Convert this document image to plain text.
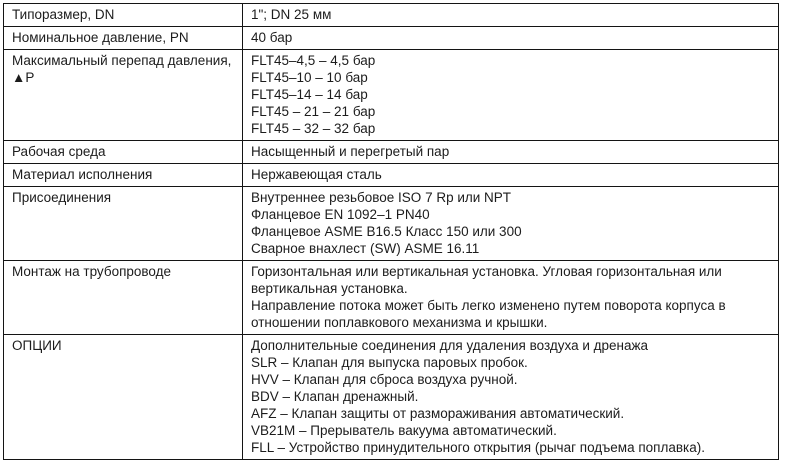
Типоразмер, DN	1"; DN 25 мм

Номинальное давление, PN	40 бар

Максимальный перепад давления, ▲P	FLT45–4,5 – 4,5 бар
FLT45–10 – 10 бар
FLT45–14 – 14 бар
FLT45 – 21 – 21 бар
FLT45 – 32 – 32 бар

Рабочая среда	Насыщенный и перегретый пар

Материал исполнения	Нержавеющая сталь

Присоединения	Внутреннее резьбовое ISO 7 Rp или NPT
Фланцевое EN 1092–1 PN40
Фланцевое ASME B16.5 Класс 150 или 300
Сварное внахлест (SW) ASME 16.11

Монтаж на трубопроводе	Горизонтальная или вертикальная установка. Угловая горизонтальная или
вертикальная установка.
Направление потока может быть легко изменено путем поворота корпуса в
отношении поплавкового механизма и крышки.

ОПЦИИ	Дополнительные соединения для удаления воздуха и дренажа
SLR – Клапан для выпуска паровых пробок.
HVV – Клапан для сброса воздуха ручной.
BDV – Клапан дренажный.
AFZ – Клапан защиты от размораживания автоматический.
VB21M – Прерыватель вакуума автоматический.
FLL – Устройство принудительного открытия (рычаг подъема поплавка).
